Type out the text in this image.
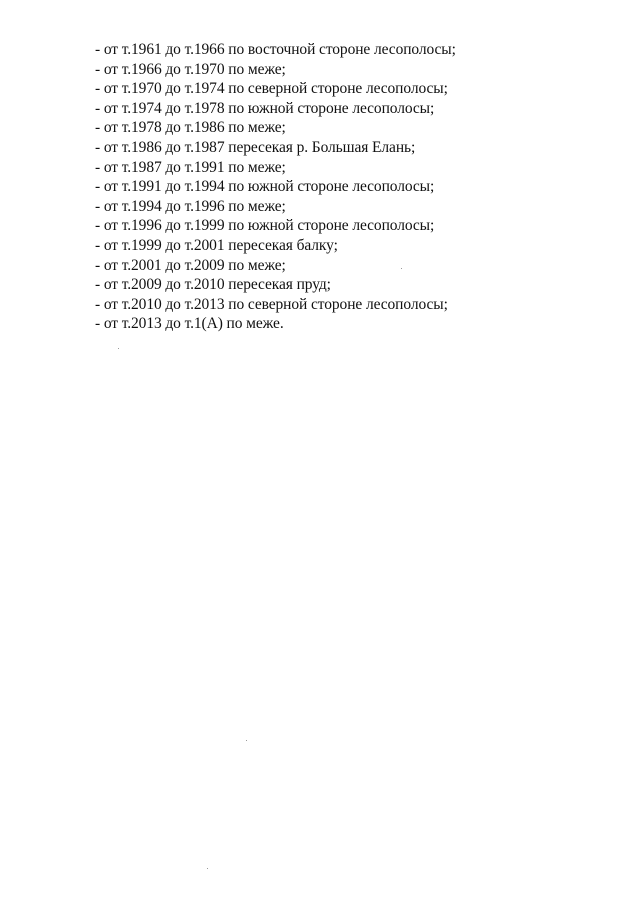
- от т.1961 до т.1966 по восточной стороне лесополосы;
- от т.1966 до т.1970 по меже;
- от т.1970 до т.1974 по северной стороне лесополосы;
- от т.1974 до т.1978 по южной стороне лесополосы;
- от т.1978 до т.1986 по меже;
- от т.1986 до т.1987 пересекая р. Большая Елань;
- от т.1987 до т.1991 по меже;
- от т.1991 до т.1994 по южной стороне лесополосы;
- от т.1994 до т.1996 по меже;
- от т.1996 до т.1999 по южной стороне лесополосы;
- от т.1999 до т.2001 пересекая балку;
- от т.2001 до т.2009 по меже;
- от т.2009 до т.2010 пересекая пруд;
- от т.2010 до т.2013 по северной стороне лесополосы;
- от т.2013 до т.1(А) по меже.
